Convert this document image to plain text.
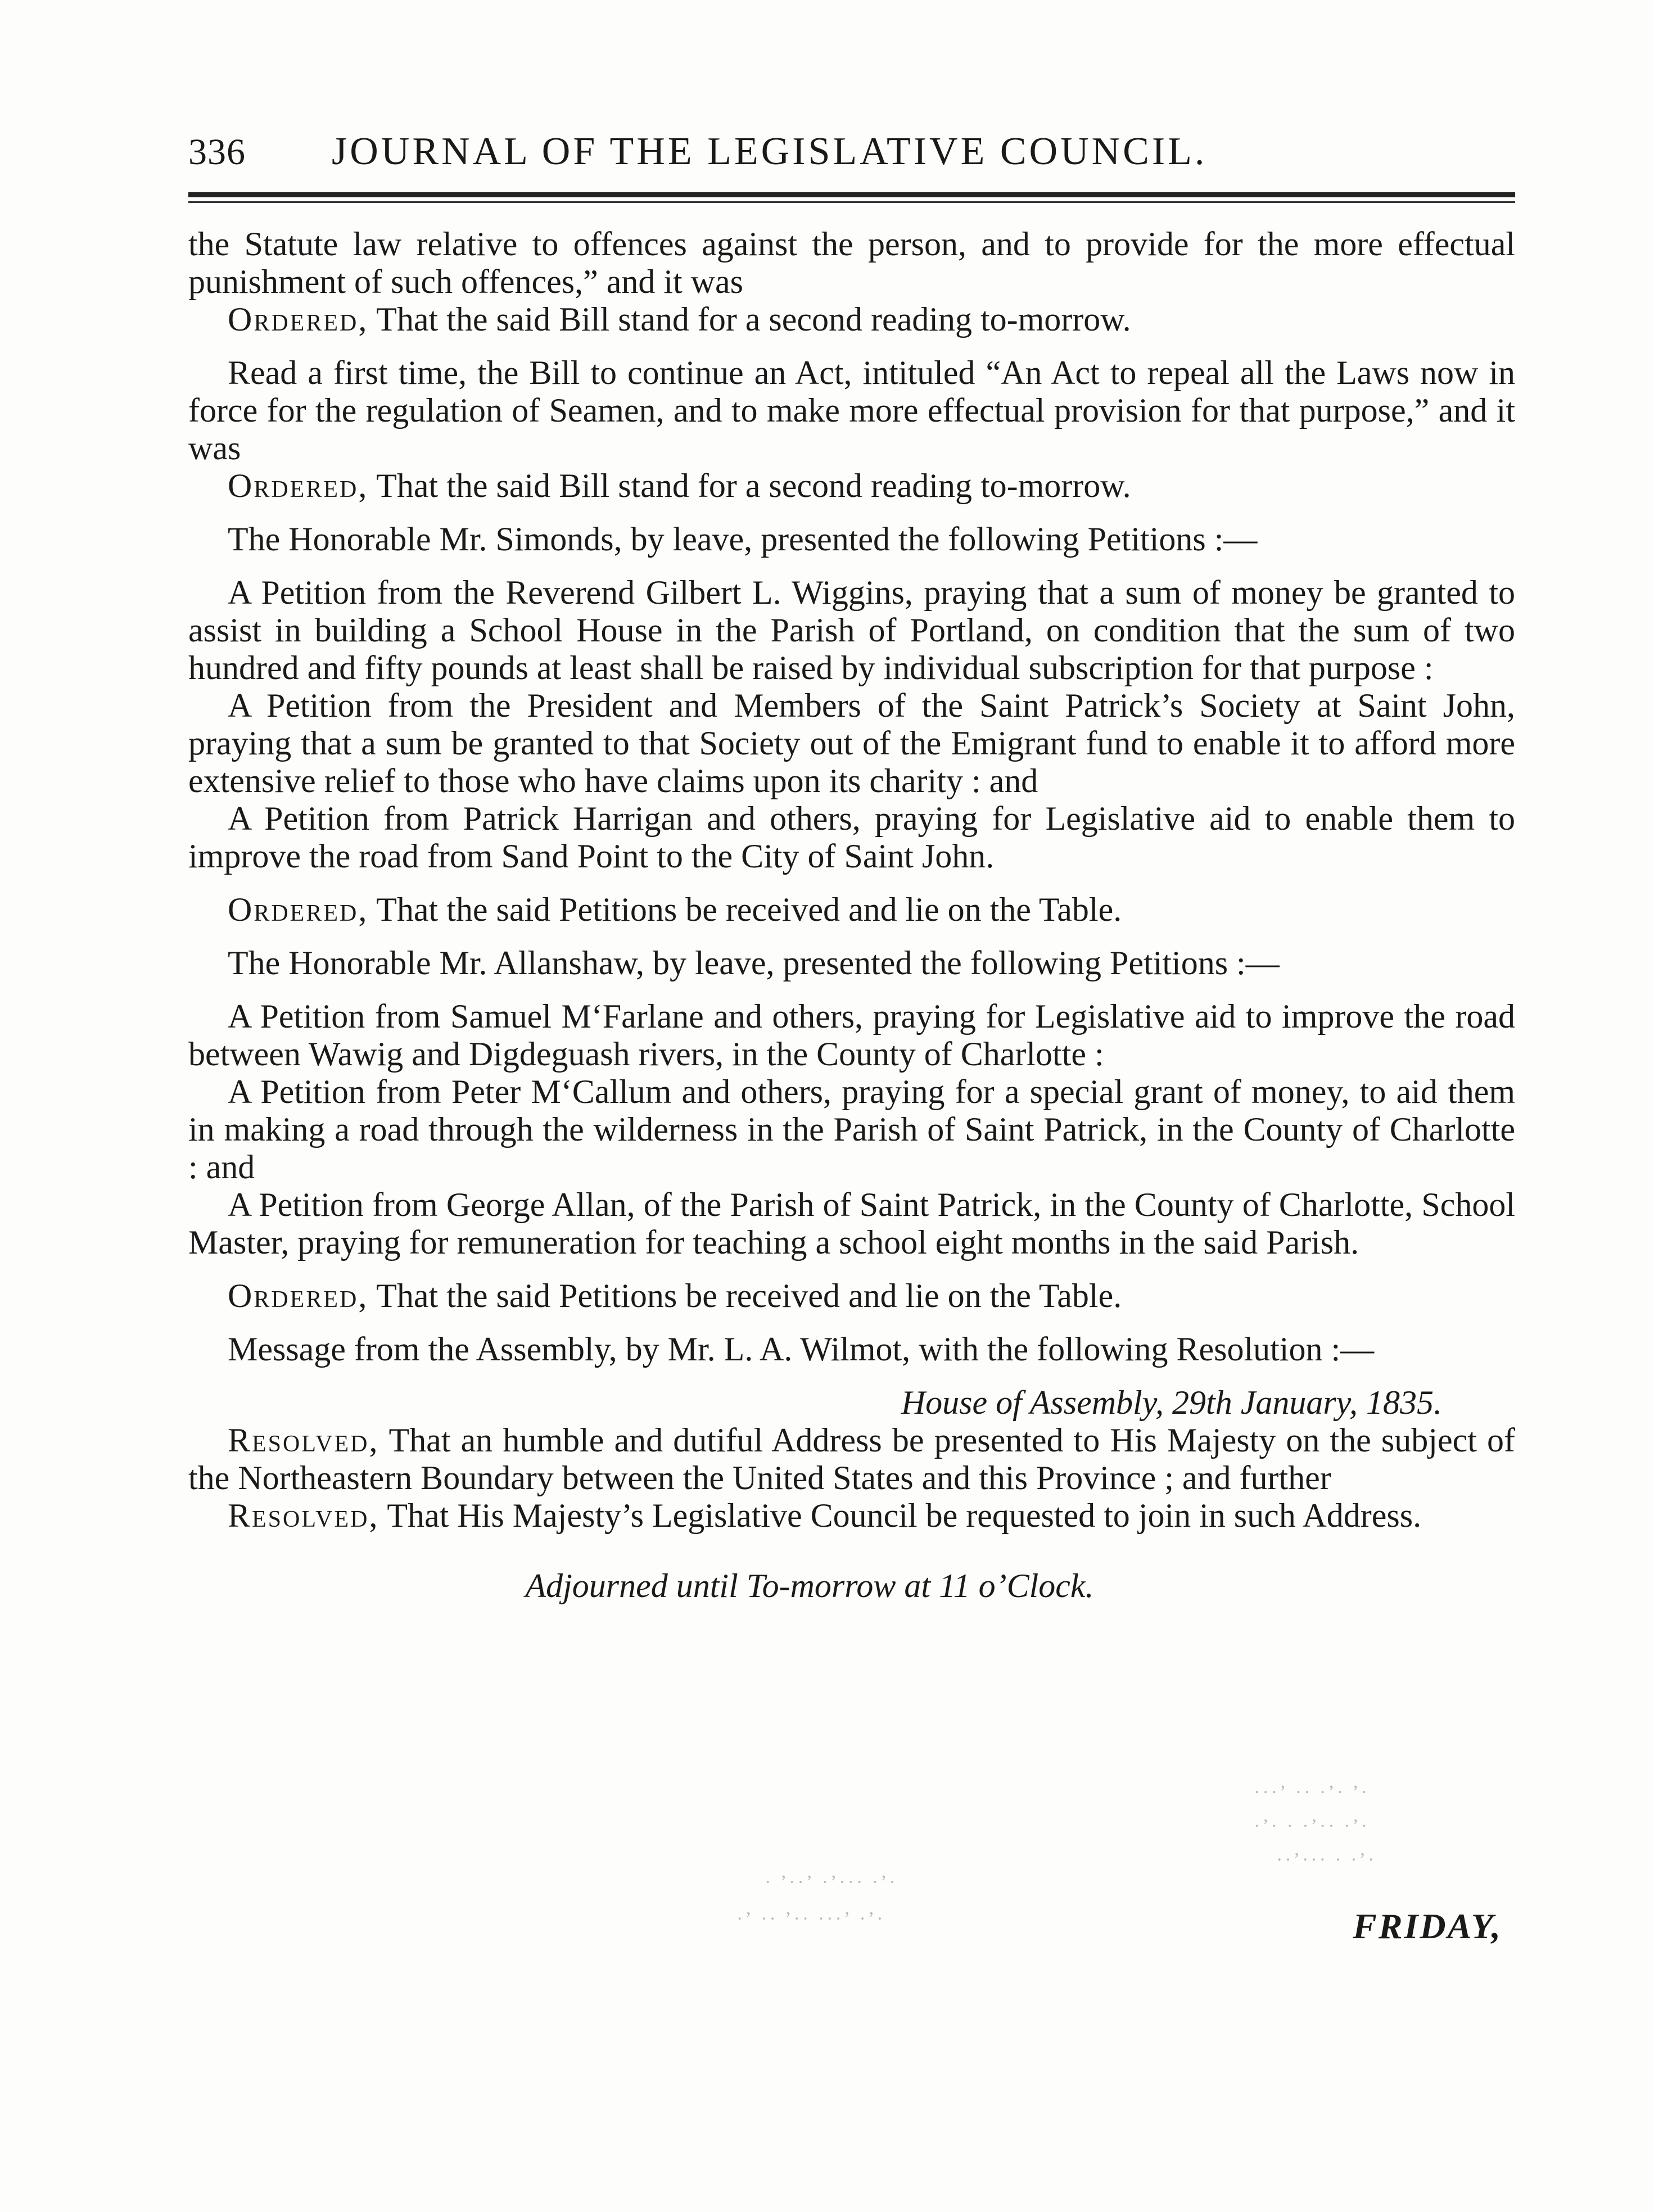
336	JOURNAL OF THE LEGISLATIVE COUNCIL.

the Statute law relative to offences against the person, and to provide for the more effectual punishment of such offences,” and it was

Ordered, That the said Bill stand for a second reading to-morrow.

Read a first time, the Bill to continue an Act, intituled “An Act to repeal all the Laws now in force for the regulation of Seamen, and to make more effectual provision for that purpose,” and it was

Ordered, That the said Bill stand for a second reading to-morrow.

The Honorable Mr. Simonds, by leave, presented the following Petitions :—

A Petition from the Reverend Gilbert L. Wiggins, praying that a sum of money be granted to assist in building a School House in the Parish of Portland, on condition that the sum of two hundred and fifty pounds at least shall be raised by individual subscription for that purpose :

A Petition from the President and Members of the Saint Patrick’s Society at Saint John, praying that a sum be granted to that Society out of the Emigrant fund to enable it to afford more extensive relief to those who have claims upon its charity : and

A Petition from Patrick Harrigan and others, praying for Legislative aid to enable them to improve the road from Sand Point to the City of Saint John.

Ordered, That the said Petitions be received and lie on the Table.

The Honorable Mr. Allanshaw, by leave, presented the following Petitions :—

A Petition from Samuel M‘Farlane and others, praying for Legislative aid to improve the road between Wawig and Digdeguash rivers, in the County of Charlotte :

A Petition from Peter M‘Callum and others, praying for a special grant of money, to aid them in making a road through the wilderness in the Parish of Saint Patrick, in the County of Charlotte : and

A Petition from George Allan, of the Parish of Saint Patrick, in the County of Charlotte, School Master, praying for remuneration for teaching a school eight months in the said Parish.

Ordered, That the said Petitions be received and lie on the Table.

Message from the Assembly, by Mr. L. A. Wilmot, with the following Resolution :—

House of Assembly, 29th January, 1835.

Resolved, That an humble and dutiful Address be presented to His Majesty on the subject of the Northeastern Boundary between the United States and this Province ; and further

Resolved, That His Majesty’s Legislative Council be requested to join in such Address.

Adjourned until To-morrow at 11 o’Clock.

FRIDAY,
···ʼ ·· ·ʼ· ʼ·
·ʼ· · ·ʼ·· ·ʼ·
··ʼ··· · ·ʼ·
· ʼ··ʼ ·ʼ··· ·ʼ·
·ʼ ·· ʼ·· ···ʼ ·ʼ·
